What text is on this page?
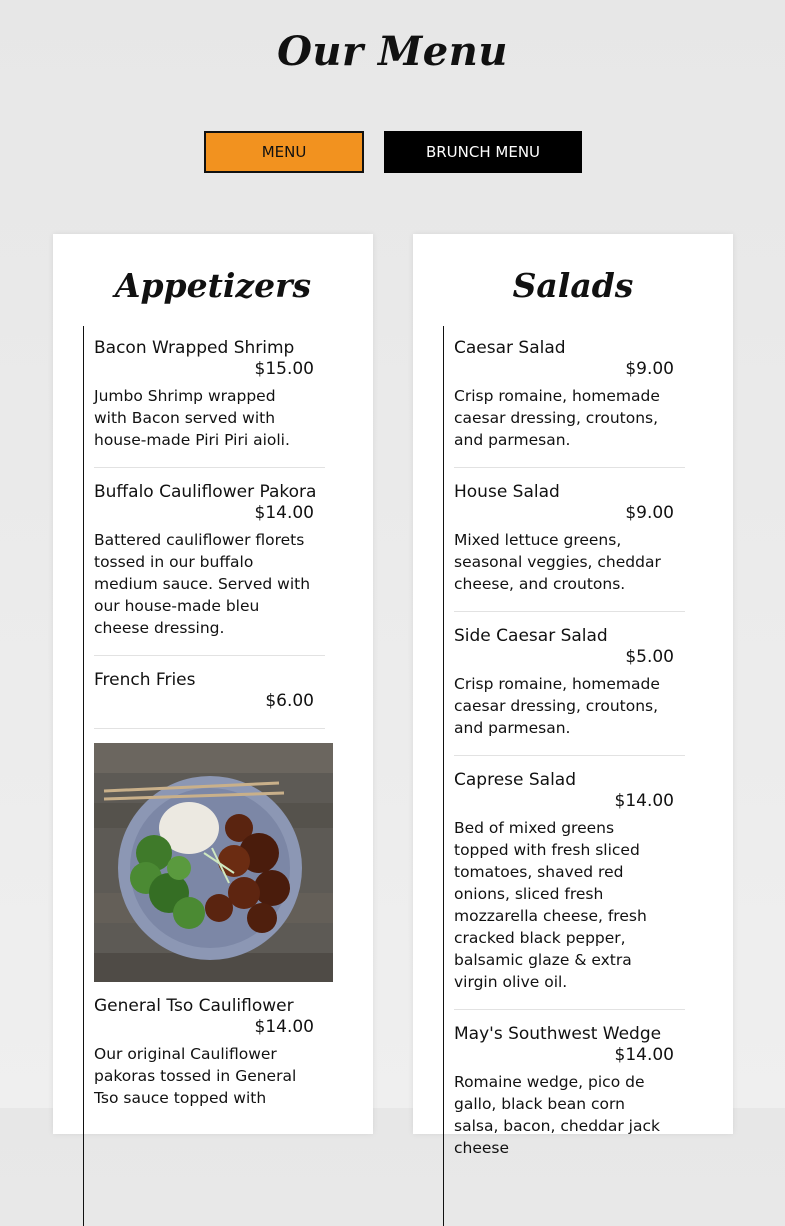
Our Menu
MENU	BRUNCH MENU
Appetizers
Bacon Wrapped Shrimp
$15.00
Jumbo Shrimp wrapped with Bacon served with house-made Piri Piri aioli.
Buffalo Cauliflower Pakora
$14.00
Battered cauliflower florets tossed in our buffalo medium sauce. Served with our house-made bleu cheese dressing.
French Fries
$6.00
General Tso Cauliflower
$14.00
Our original Cauliflower pakoras tossed in General Tso sauce topped with
Salads
Caesar Salad
$9.00
Crisp romaine, homemade caesar dressing, croutons, and parmesan.
House Salad
$9.00
Mixed lettuce greens, seasonal veggies, cheddar cheese, and croutons.
Side Caesar Salad
$5.00
Crisp romaine, homemade caesar dressing, croutons, and parmesan.
Caprese Salad
$14.00
Bed of mixed greens topped with fresh sliced tomatoes, shaved red onions, sliced fresh mozzarella cheese, fresh cracked black pepper, balsamic glaze & extra virgin olive oil.
May's Southwest Wedge
$14.00
Romaine wedge, pico de gallo, black bean corn salsa, bacon, cheddar jack cheese
